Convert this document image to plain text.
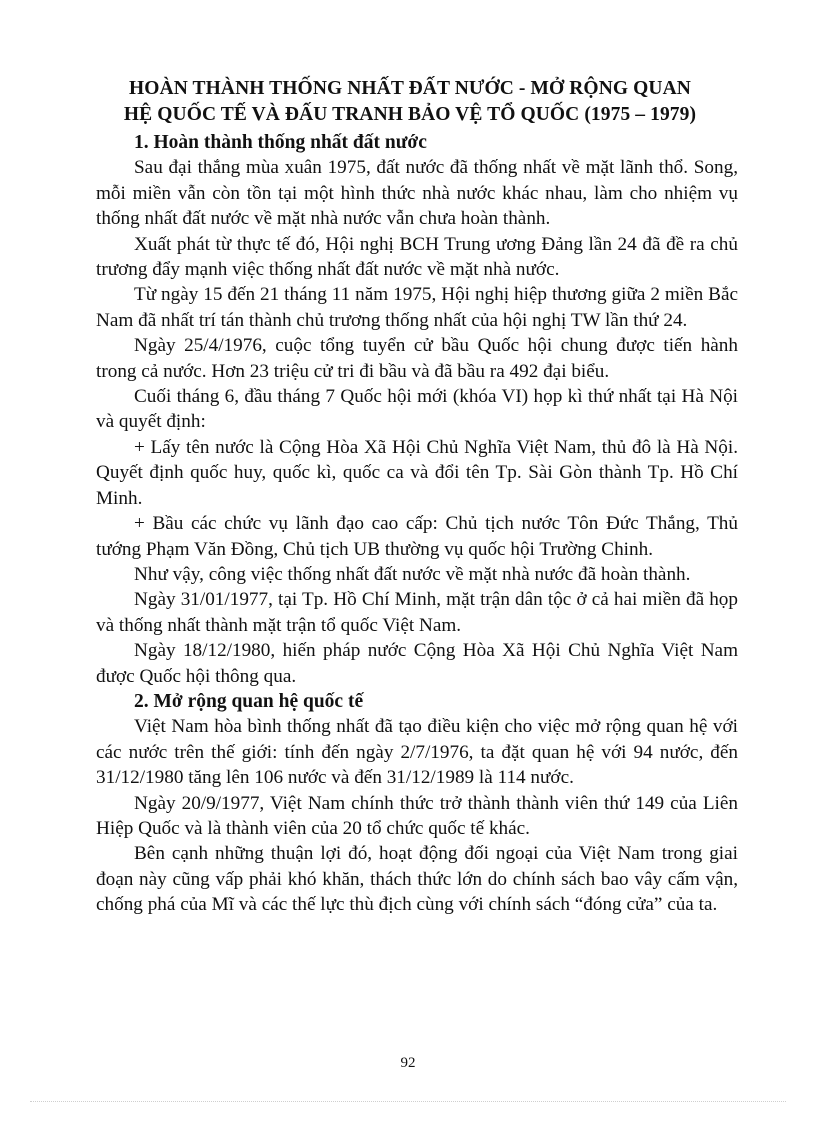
HOÀN THÀNH THỐNG NHẤT ĐẤT NƯỚC - MỞ RỘNG QUAN
HỆ QUỐC TẾ VÀ ĐẤU TRANH BẢO VỆ TỔ QUỐC (1975 – 1979)
1. Hoàn thành thống nhất đất nước

Sau đại thắng mùa xuân 1975, đất nước đã thống nhất về mặt lãnh thổ. Song, mỗi miền vẫn còn tồn tại một hình thức nhà nước khác nhau, làm cho nhiệm vụ thống nhất đất nước về mặt nhà nước vẫn chưa hoàn thành.

Xuất phát từ thực tế đó, Hội nghị BCH Trung ương Đảng lần 24 đã đề ra chủ trương đẩy mạnh việc thống nhất đất nước về mặt nhà nước.

Từ ngày 15 đến 21 tháng 11 năm 1975, Hội nghị hiệp thương giữa 2 miền Bắc Nam đã nhất trí tán thành chủ trương thống nhất của hội nghị TW lần thứ 24.

Ngày 25/4/1976, cuộc tổng tuyển cử bầu Quốc hội chung được tiến hành trong cả nước. Hơn 23 triệu cử tri đi bầu và đã bầu ra 492 đại biểu.

Cuối tháng 6, đầu tháng 7 Quốc hội mới (khóa VI) họp kì thứ nhất tại Hà Nội và quyết định:

+ Lấy tên nước là Cộng Hòa Xã Hội Chủ Nghĩa Việt Nam, thủ đô là Hà Nội. Quyết định quốc huy, quốc kì, quốc ca và đổi tên Tp. Sài Gòn thành Tp. Hồ Chí Minh.

+ Bầu các chức vụ lãnh đạo cao cấp: Chủ tịch nước Tôn Đức Thắng, Thủ tướng Phạm Văn Đồng, Chủ tịch UB thường vụ quốc hội Trường Chinh.

Như vậy, công việc thống nhất đất nước về mặt nhà nước đã hoàn thành.

Ngày 31/01/1977, tại Tp. Hồ Chí Minh, mặt trận dân tộc ở cả hai miền đã họp và thống nhất thành mặt trận tổ quốc Việt Nam.

Ngày 18/12/1980, hiến pháp nước Cộng Hòa Xã Hội Chủ Nghĩa Việt Nam được Quốc hội thông qua.

2. Mở rộng quan hệ quốc tế

Việt Nam hòa bình thống nhất đã tạo điều kiện cho việc mở rộng quan hệ với các nước trên thế giới: tính đến ngày 2/7/1976, ta đặt quan hệ với 94 nước, đến 31/12/1980 tăng lên 106 nước và đến 31/12/1989 là 114 nước.

Ngày 20/9/1977, Việt Nam chính thức trở thành thành viên thứ 149 của Liên Hiệp Quốc và là thành viên của 20 tổ chức quốc tế khác.

Bên cạnh những thuận lợi đó, hoạt động đối ngoại của Việt Nam trong giai đoạn này cũng vấp phải khó khăn, thách thức lớn do chính sách bao vây cấm vận, chống phá của Mĩ và các thế lực thù địch cùng với chính sách “đóng cửa” của ta.

92
